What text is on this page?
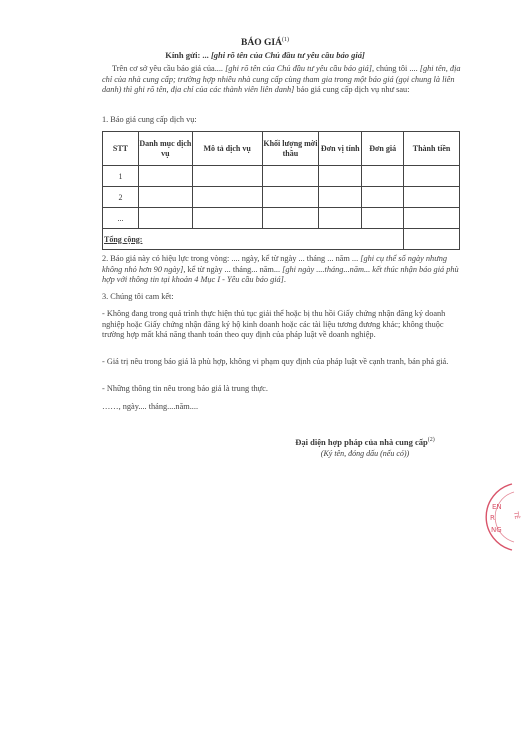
BÁO GIÁ$^{(1)}$
Kính gửi: ... [ghi rõ tên của Chủ đầu tư yêu cầu báo giá]
Trên cơ sở yêu cầu báo giá của.... [ghi rõ tên của Chủ đầu tư yêu cầu báo giá], chúng tôi .... [ghi tên, địa chỉ của nhà cung cấp; trường hợp nhiều nhà cung cấp cùng tham gia trong một báo giá (gọi chung là liên danh) thì ghi rõ tên, địa chỉ của các thành viên liên danh] báo giá cung cấp dịch vụ như sau:
1. Báo giá cung cấp dịch vụ:
STT	Danh mục dịch vụ	Mô tả dịch vụ	Khối lượng mời thầu	Đơn vị tính	Đơn giá	Thành tiền
1						
2						
...						
Tổng cộng:						
2. Báo giá này có hiệu lực trong vòng: .... ngày, kể từ ngày ... tháng ... năm ... [ghi cụ thể số ngày nhưng không nhỏ hơn 90 ngày], kể từ ngày ... tháng... năm... [ghi ngày ....tháng...năm... kết thúc nhận báo giá phù hợp với thông tin tại khoản 4 Mục I - Yêu cầu báo giá].
3. Chúng tôi cam kết:
- Không đang trong quá trình thực hiện thủ tục giải thể hoặc bị thu hồi Giấy chứng nhận đăng ký doanh nghiệp hoặc Giấy chứng nhận đăng ký hộ kinh doanh hoặc các tài liệu tương đương khác; không thuộc trường hợp mất khả năng thanh toán theo quy định của pháp luật về doanh nghiệp.
- Giá trị nêu trong báo giá là phù hợp, không vi phạm quy định của pháp luật về cạnh tranh, bán phá giá.
- Những thông tin nêu trong báo giá là trung thực.
……, ngày.... tháng....năm....
Đại diện hợp pháp của nhà cung cấp$^{(2)}$
(Ký tên, đóng dấu (nếu có))
EN
R
NG
TÊ
